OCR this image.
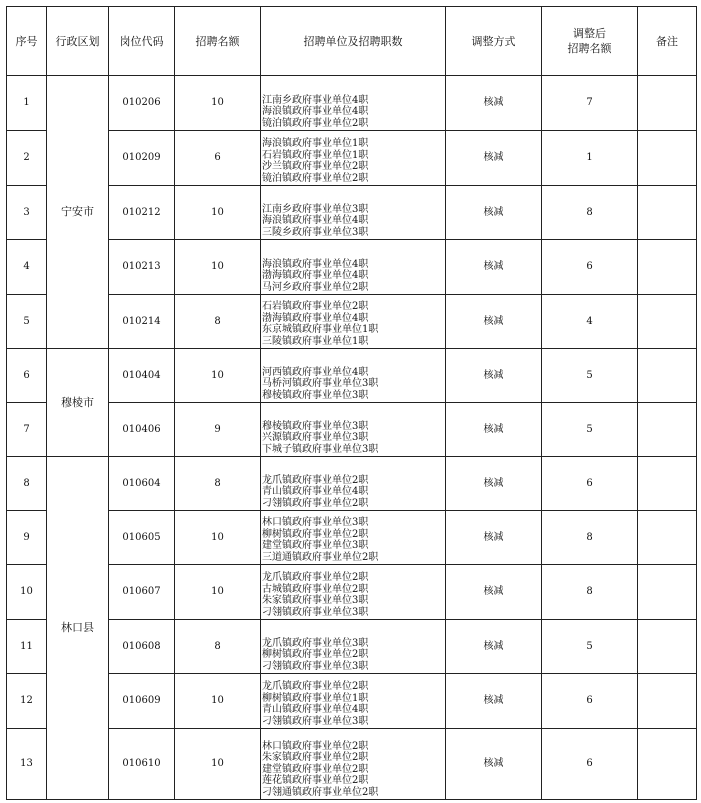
序号	行政区划	岗位代码	招聘名额	招聘单位及招聘职数	调整方式	调整后
招聘名额	备注
1	宁安市	010206	10	江南乡政府事业单位4职
海浪镇政府事业单位4职
镜泊镇政府事业单位2职	核减	7	
2		010209	6	海浪镇政府事业单位1职
石岩镇政府事业单位1职
沙兰镇政府事业单位2职
镜泊镇政府事业单位2职	核减	1	
3		010212	10	江南乡政府事业单位3职
海浪镇政府事业单位4职
三陵乡政府事业单位3职	核减	8	
4		010213	10	海浪镇政府事业单位4职
渤海镇政府事业单位4职
马河乡政府事业单位2职	核减	6	
5		010214	8	石岩镇政府事业单位2职
渤海镇政府事业单位4职
东京城镇政府事业单位1职
三陵镇政府事业单位1职	核减	4	
6	穆棱市	010404	10	河西镇政府事业单位4职
马桥河镇政府事业单位3职
穆棱镇政府事业单位3职	核减	5	
7		010406	9	穆棱镇政府事业单位3职
兴源镇政府事业单位3职
下城子镇政府事业单位3职	核减	5	
8	林口县	010604	8	龙爪镇政府事业单位2职
青山镇政府事业单位4职
刁翎镇政府事业单位2职	核减	6	
9		010605	10	林口镇政府事业单位3职
柳树镇政府事业单位2职
建堂镇政府事业单位3职
三道通镇政府事业单位2职	核减	8	
10		010607	10	龙爪镇政府事业单位2职
古城镇政府事业单位2职
朱家镇政府事业单位3职
刁翎镇政府事业单位3职	核减	8	
11		010608	8	龙爪镇政府事业单位3职
柳树镇政府事业单位2职
刁翎镇政府事业单位3职	核减	5	
12		010609	10	龙爪镇政府事业单位2职
柳树镇政府事业单位1职
青山镇政府事业单位4职
刁翎镇政府事业单位3职	核减	6	
13		010610	10	林口镇政府事业单位2职
朱家镇政府事业单位2职
建堂镇政府事业单位2职
莲花镇政府事业单位2职
刁翎通镇政府事业单位2职	核减	6	
